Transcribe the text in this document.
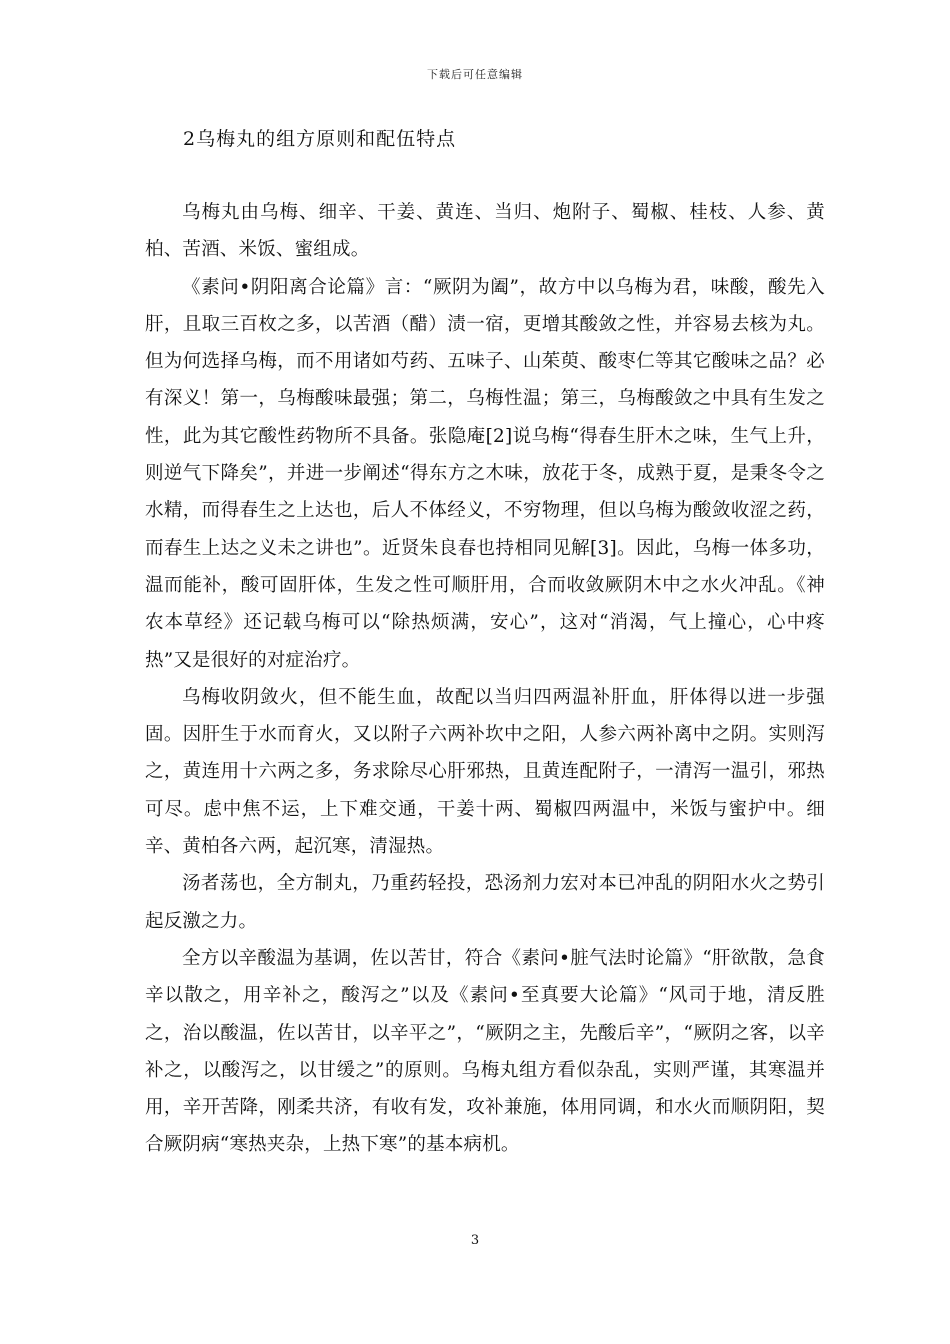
下载后可任意编辑
2乌梅丸的组方原则和配伍特点

乌梅丸由乌梅、细辛、干姜、黄连、当归、炮附子、蜀椒、桂枝、人参、黄柏、苦酒、米饭、蜜组成。

《素问•阴阳离合论篇》言：“厥阴为阖”，故方中以乌梅为君，味酸，酸先入肝，且取三百枚之多，以苦酒（醋）渍一宿，更增其酸敛之性，并容易去核为丸。但为何选择乌梅，而不用诸如芍药、五味子、山茱萸、酸枣仁等其它酸味之品？必有深义！第一，乌梅酸味最强；第二，乌梅性温；第三，乌梅酸敛之中具有生发之性，此为其它酸性药物所不具备。张隐庵[2]说乌梅“得春生肝木之味，生气上升，则逆气下降矣”，并进一步阐述“得东方之木味，放花于冬，成熟于夏，是秉冬令之水精，而得春生之上达也，后人不体经义，不穷物理，但以乌梅为酸敛收涩之药，而春生上达之义未之讲也”。近贤朱良春也持相同见解[3]。因此，乌梅一体多功，温而能补，酸可固肝体，生发之性可顺肝用，合而收敛厥阴木中之水火冲乱。《神农本草经》还记载乌梅可以“除热烦满，安心”，这对“消渴，气上撞心，心中疼热”又是很好的对症治疗。

乌梅收阴敛火，但不能生血，故配以当归四两温补肝血，肝体得以进一步强固。因肝生于水而育火，又以附子六两补坎中之阳，人参六两补离中之阴。实则泻之，黄连用十六两之多，务求除尽心肝邪热，且黄连配附子，一清泻一温引，邪热可尽。虑中焦不运，上下难交通，干姜十两、蜀椒四两温中，米饭与蜜护中。细辛、黄柏各六两，起沉寒，清湿热。

汤者荡也，全方制丸，乃重药轻投，恐汤剂力宏对本已冲乱的阴阳水火之势引起反激之力。

全方以辛酸温为基调，佐以苦甘，符合《素问•脏气法时论篇》“肝欲散，急食辛以散之，用辛补之，酸泻之”以及《素问•至真要大论篇》“风司于地，清反胜之，治以酸温，佐以苦甘，以辛平之”，“厥阴之主，先酸后辛”，“厥阴之客，以辛补之，以酸泻之，以甘缓之”的原则。乌梅丸组方看似杂乱，实则严谨，其寒温并用，辛开苦降，刚柔共济，有收有发，攻补兼施，体用同调，和水火而顺阴阳，契合厥阴病“寒热夹杂，上热下寒”的基本病机。

3
